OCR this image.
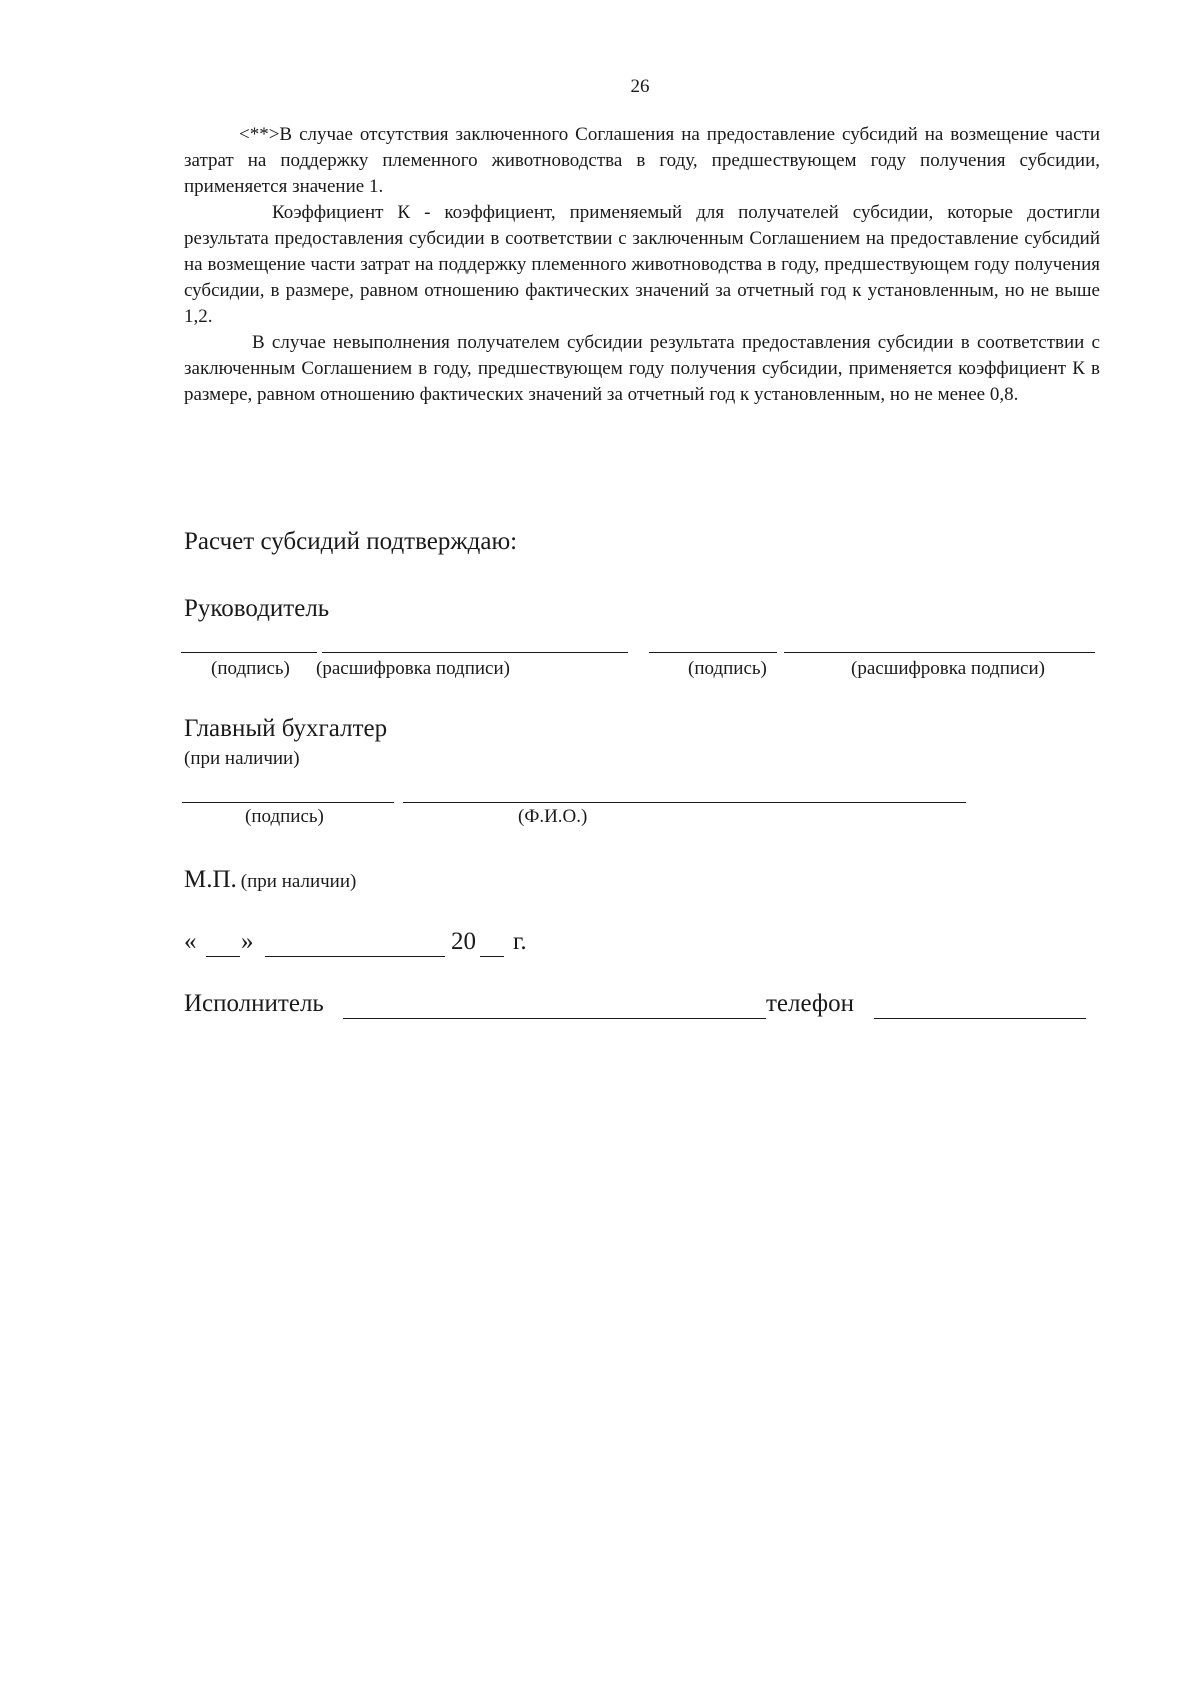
26

<**>В случае отсутствия заключенного Соглашения на предоставление субсидий на возмещение части затрат на поддержку племенного животноводства в году, предшествующем году получения субсидии, применяется значение 1.

Коэффициент К - коэффициент, применяемый для получателей субсидии, которые достигли результата предоставления субсидии в соответствии с заключенным Соглашением на предоставление субсидий на возмещение части затрат на поддержку племенного животноводства в году, предшествующем году получения субсидии, в размере, равном отношению фактических значений за отчетный год к установленным, но не выше 1,2.

В случае невыполнения получателем субсидии результата предоставления субсидии в соответствии с заключенным Соглашением в году, предшествующем году получения субсидии, применяется коэффициент К в размере, равном отношению фактических значений за отчетный год к установленным, но не менее 0,8.

Расчет субсидий подтверждаю:
Руководитель
(подпись) (расшифровка подписи)	(подпись)	(расшифровка подписи)
Главный бухгалтер
(при наличии)
(подпись)	(Ф.И.О.)
М.П. (при наличии)
« »	20 г.
Исполнитель	телефон
